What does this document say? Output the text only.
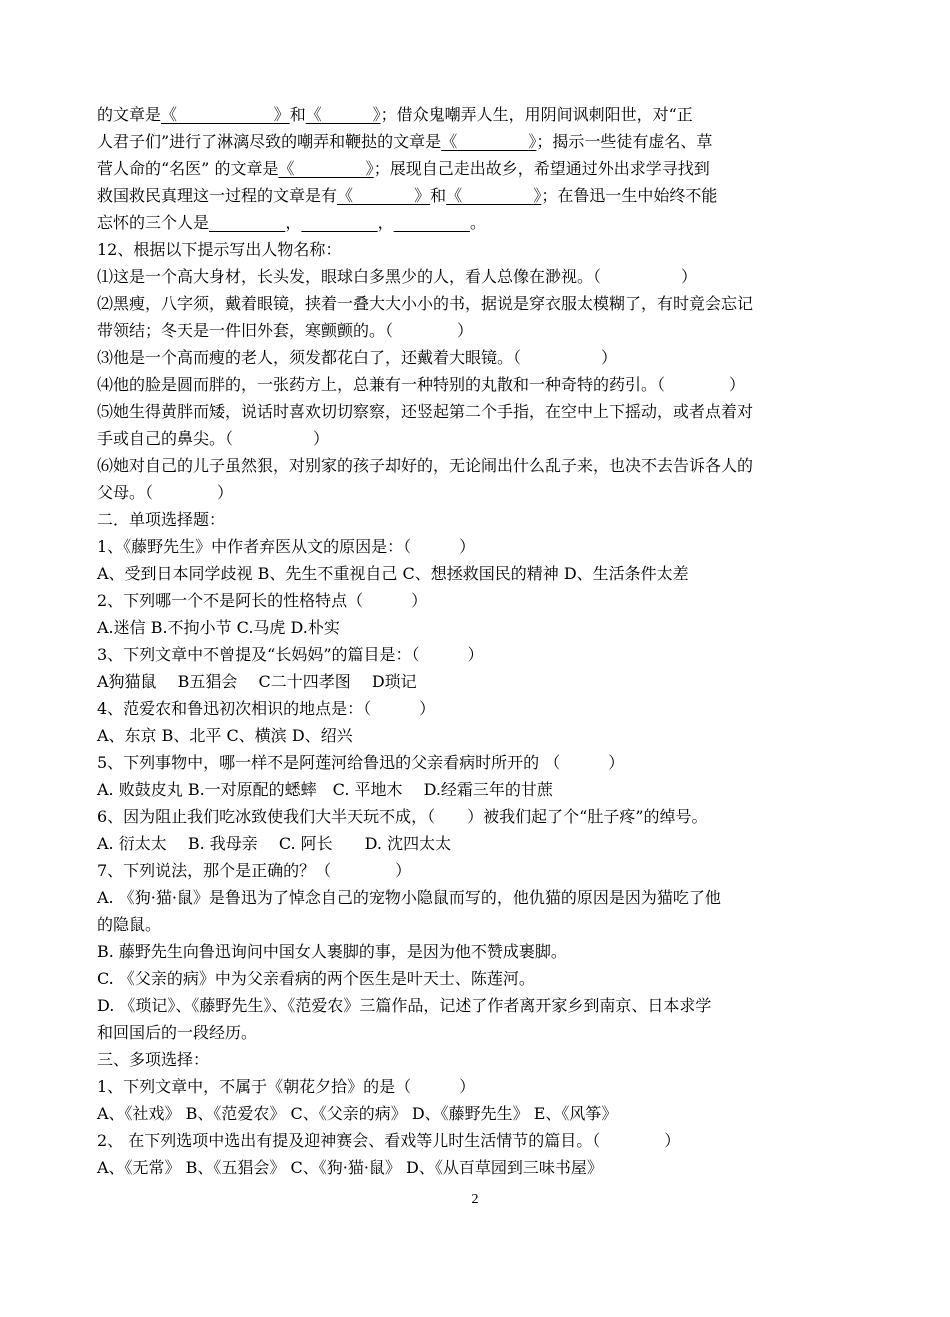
的文章是《	》和《	》；借众鬼嘲弄人生，用阴间讽刺阳世，对“正
人君子们”进行了淋漓尽致的嘲弄和鞭挞的文章是《	》；揭示一些徒有虚名、草
菅人命的“名医” 的文章是《	》；展现自己走出故乡，希望通过外出求学寻找到
救国救民真理这一过程的文章是有《	》和《	》；在鲁迅一生中始终不能
忘怀的三个人是	，	，	。
12、根据以下提示写出人物名称：
⑴这是一个高大身材，长头发，眼球白多黑少的人，看人总像在渺视。（　　　　　）
⑵黑瘦，八字须，戴着眼镜，挟着一叠大大小小的书，据说是穿衣服太模糊了，有时竟会忘记
带领结；冬天是一件旧外套，寒颤颤的。（　　　　）
⑶他是一个高而瘦的老人，须发都花白了，还戴着大眼镜。（　　　　　）
⑷他的脸是圆而胖的，一张药方上，总兼有一种特别的丸散和一种奇特的药引。（　　　　）
⑸她生得黄胖而矮，说话时喜欢切切察察，还竖起第二个手指，在空中上下摇动，或者点着对
手或自己的鼻尖。（　　　　　）
⑹她对自己的儿子虽然狠，对别家的孩子却好的，无论闹出什么乱子来，也决不去告诉各人的
父母。（　　　　）
二．单项选择题：
1、《藤野先生》中作者弃医从文的原因是：（　　　）
A、受到日本同学歧视 B、先生不重视自己 C、想拯救国民的精神 D、生活条件太差
2、下列哪一个不是阿长的性格特点（　　　）
A.迷信 B.不拘小节 C.马虎 D.朴实
3、下列文章中不曾提及“长妈妈”的篇目是：（　　　）
A狗猫鼠　 B五猖会　 C二十四孝图　 D琐记
4、范爱农和鲁迅初次相识的地点是：（　　　）
A、东京 B、北平 C、横滨 D、绍兴
5、下列事物中，哪一样不是阿莲河给鲁迅的父亲看病时所开的 （　　　）
A. 败鼓皮丸 B.一对原配的蟋蟀　C. 平地木　 D.经霜三年的甘蔗
6、因为阻止我们吃冰致使我们大半天玩不成，（　　）被我们起了个“肚子疼”的绰号。
A. 衍太太　 B. 我母亲　 C. 阿长　　D. 沈四太太
7、下列说法，那个是正确的？（　　　　）
A. 《狗·猫·鼠》是鲁迅为了悼念自己的宠物小隐鼠而写的，他仇猫的原因是因为猫吃了他
的隐鼠。
B. 藤野先生向鲁迅询问中国女人裹脚的事，是因为他不赞成裹脚。
C. 《父亲的病》中为父亲看病的两个医生是叶天士、陈莲河。
D. 《琐记》、《藤野先生》、《范爱农》三篇作品，记述了作者离开家乡到南京、日本求学
和回国后的一段经历。
三、多项选择：
1、下列文章中，不属于《朝花夕拾》的是（　　　）
A、《社戏》 B、《范爱农》 C、《父亲的病》 D、《藤野先生》 E、《风筝》
2、 在下列选项中选出有提及迎神赛会、看戏等儿时生活情节的篇目。（　　　　）
A、《无常》 B、《五猖会》 C、《狗·猫·鼠》 D、《从百草园到三味书屋》
2
